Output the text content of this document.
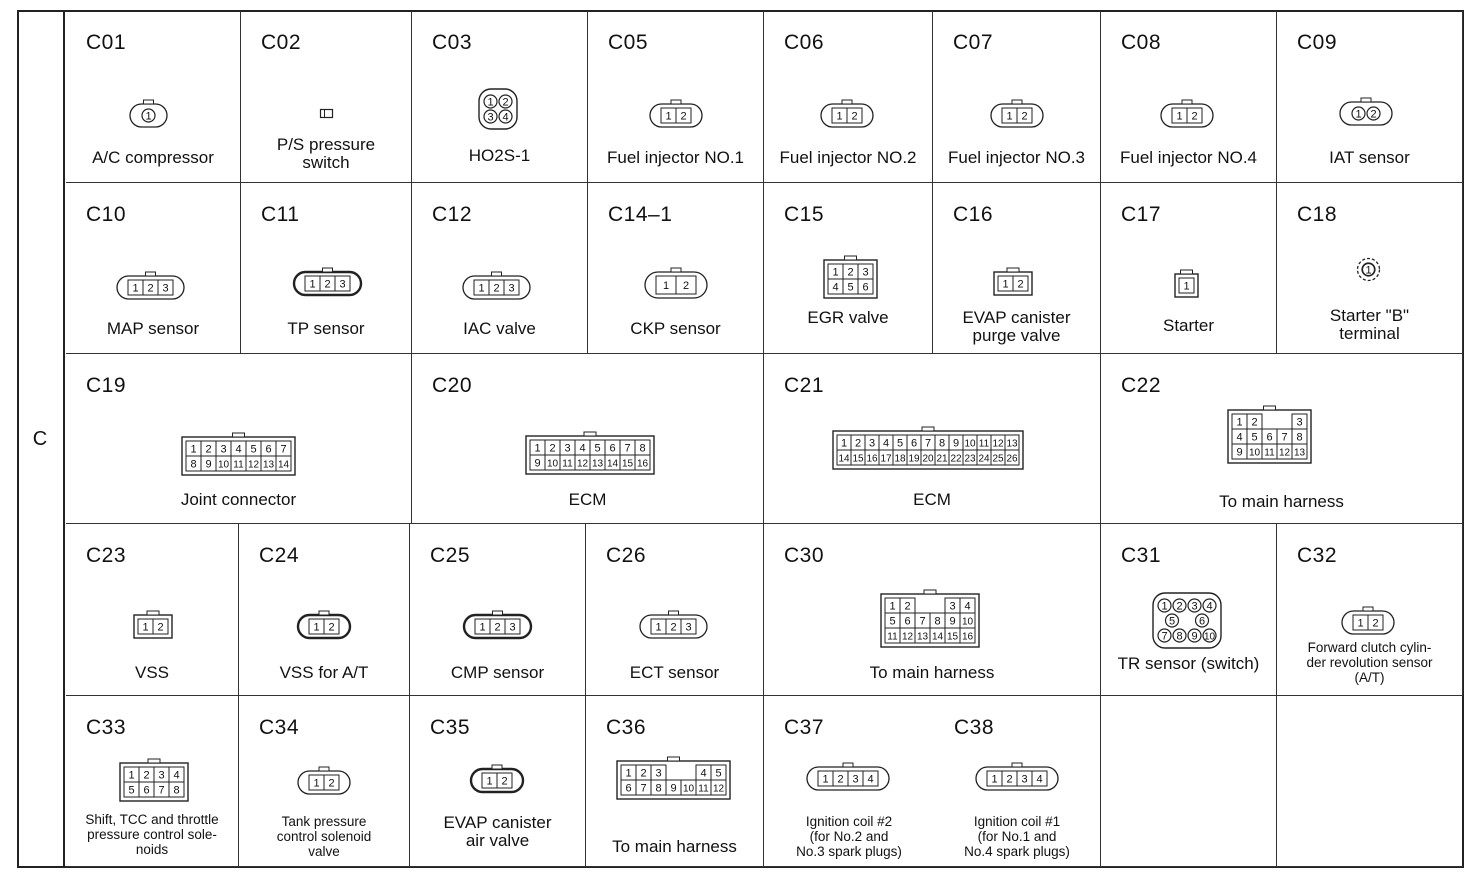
C
C01
1
A/C compressor
C02
P/S pressure
switch
C03
1 2
3 4
HO2S-1
C05
1 2
Fuel injector NO.1
C06
1 2
Fuel injector NO.2
C07
1 2
Fuel injector NO.3
C08
1 2
Fuel injector NO.4
C09
1 2
IAT sensor
C10
1 2 3
MAP sensor
C11
1 2 3
TP sensor
C12
1 2 3
IAC valve
C14–1
1 2
CKP sensor
C15
1 2 3
4 5 6
EGR valve
C16
1 2
EVAP canister
purge valve
C17
1
Starter
C18
1
Starter "B"
terminal
C19
1 2 3 4 5 6 7
8 9 10 11 12 13 14
Joint connector
C20
1 2 3 4 5 6 7 8
9 10 11 12 13 14 15 16
ECM
C21
1 2 3 4 5 6 7 8 9 10 11 12 13
14 15 16 17 18 19 20 21 22 23 24 25 26
ECM
C22
1 2	3
4 5 6 7 8
9 10 11 12 13
To main harness
C23
1 2
VSS
C24
1 2
VSS for A/T
C25
1 2 3
CMP sensor
C26
1 2 3
ECT sensor
C30
1 2	3 4
5 6 7 8 9 10
11 12 13 14 15 16
To main harness
C31
1 2 3 4
5 6
7 8 9 10
TR sensor (switch)
C32
1 2
Forward clutch cylin-
der revolution sensor
(A/T)
C33
1 2 3 4
5 6 7 8
Shift, TCC and throttle
pressure control sole-
noids
C34
1 2
Tank pressure
control solenoid
valve
C35
1 2
EVAP canister
air valve
C36
1 2 3	4 5
6 7 8 9 10 11 12
To main harness
C37
1 2 3 4
Ignition coil #2
(for No.2 and
No.3 spark plugs)
C38
1 2 3 4
Ignition coil #1
(for No.1 and
No.4 spark plugs)
